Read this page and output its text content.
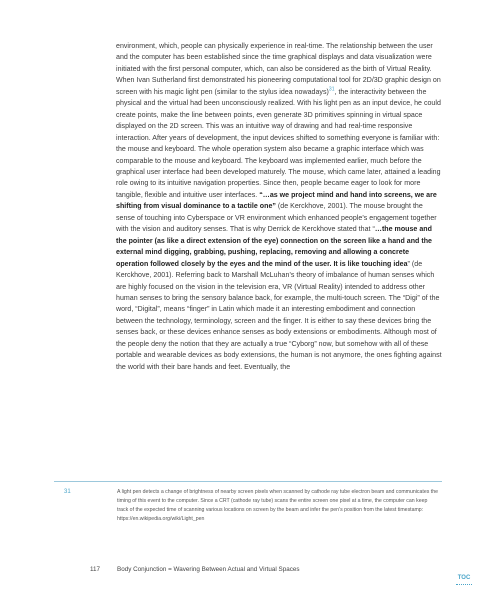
environment, which, people can physically experience in real-time. The relationship between the user and the computer has been established since the time graphical displays and data visualization were initiated with the first personal computer, which, can also be considered as the birth of Virtual Reality. When Ivan Sutherland first demonstrated his pioneering computational tool for 2D/3D graphic design on screen with his magic light pen (similar to the stylus idea nowadays)$^{31}$, the interactivity between the physical and the virtual had been unconsciously realized. With his light pen as an input device, he could create points, make the line between points, even generate 3D primitives spinning in virtual space displayed on the 2D screen. This was an intuitive way of drawing and had real-time responsive interaction. After years of development, the input devices shifted to something everyone is familiar with: the mouse and keyboard. The whole operation system also became a graphic interface which was comparable to the mouse and keyboard. The keyboard was implemented earlier, much before the graphical user interface had been developed maturely. The mouse, which came later, attained a leading role owing to its intuitive navigation properties. Since then, people became eager to look for more tangible, flexible and intuitive user interfaces. “…as we project mind and hand into screens, we are shifting from visual dominance to a tactile one” (de Kerckhove, 2001). The mouse brought the sense of touching into Cyberspace or VR environment which enhanced people’s engagement together with the vision and auditory senses. That is why Derrick de Kerckhove stated that “…the mouse and the pointer (as like a direct extension of the eye) connection on the screen like a hand and the external mind digging, grabbing, pushing, replacing, removing and allowing a concrete operation followed closely by the eyes and the mind of the user. It is like touching idea” (de Kerckhove, 2001). Referring back to Marshall McLuhan’s theory of imbalance of human senses which are highly focused on the vision in the television era, VR (Virtual Reality) intended to address other human senses to bring the sensory balance back, for example, the multi-touch screen. The “Digi” of the word, “Digital”, means “finger” in Latin which made it an interesting embodiment and connection between the technology, terminology, screen and the finger. It is either to say these devices bring the senses back, or these devices enhance senses as body extensions or embodiments. Although most of the people deny the notion that they are actually a true “Cyborg” now, but somehow with all of these portable and wearable devices as body extensions, the human is not anymore, the ones fighting against the world with their bare hands and feet. Eventually, the

31	A light pen detects a change of brightness of nearby screen pixels when scanned by cathode ray tube electron beam and communicates the timing of this event to the computer. Since a CRT (cathode ray tube) scans the entire screen one pixel at a time, the computer can keep track of the expected time of scanning various locations on screen by the beam and infer the pen’s position from the latest timestamp: https://en.wikipedia.org/wiki/Light_pen
117	Body Conjunction = Wavering Between Actual and Virtual Spaces
TOC
